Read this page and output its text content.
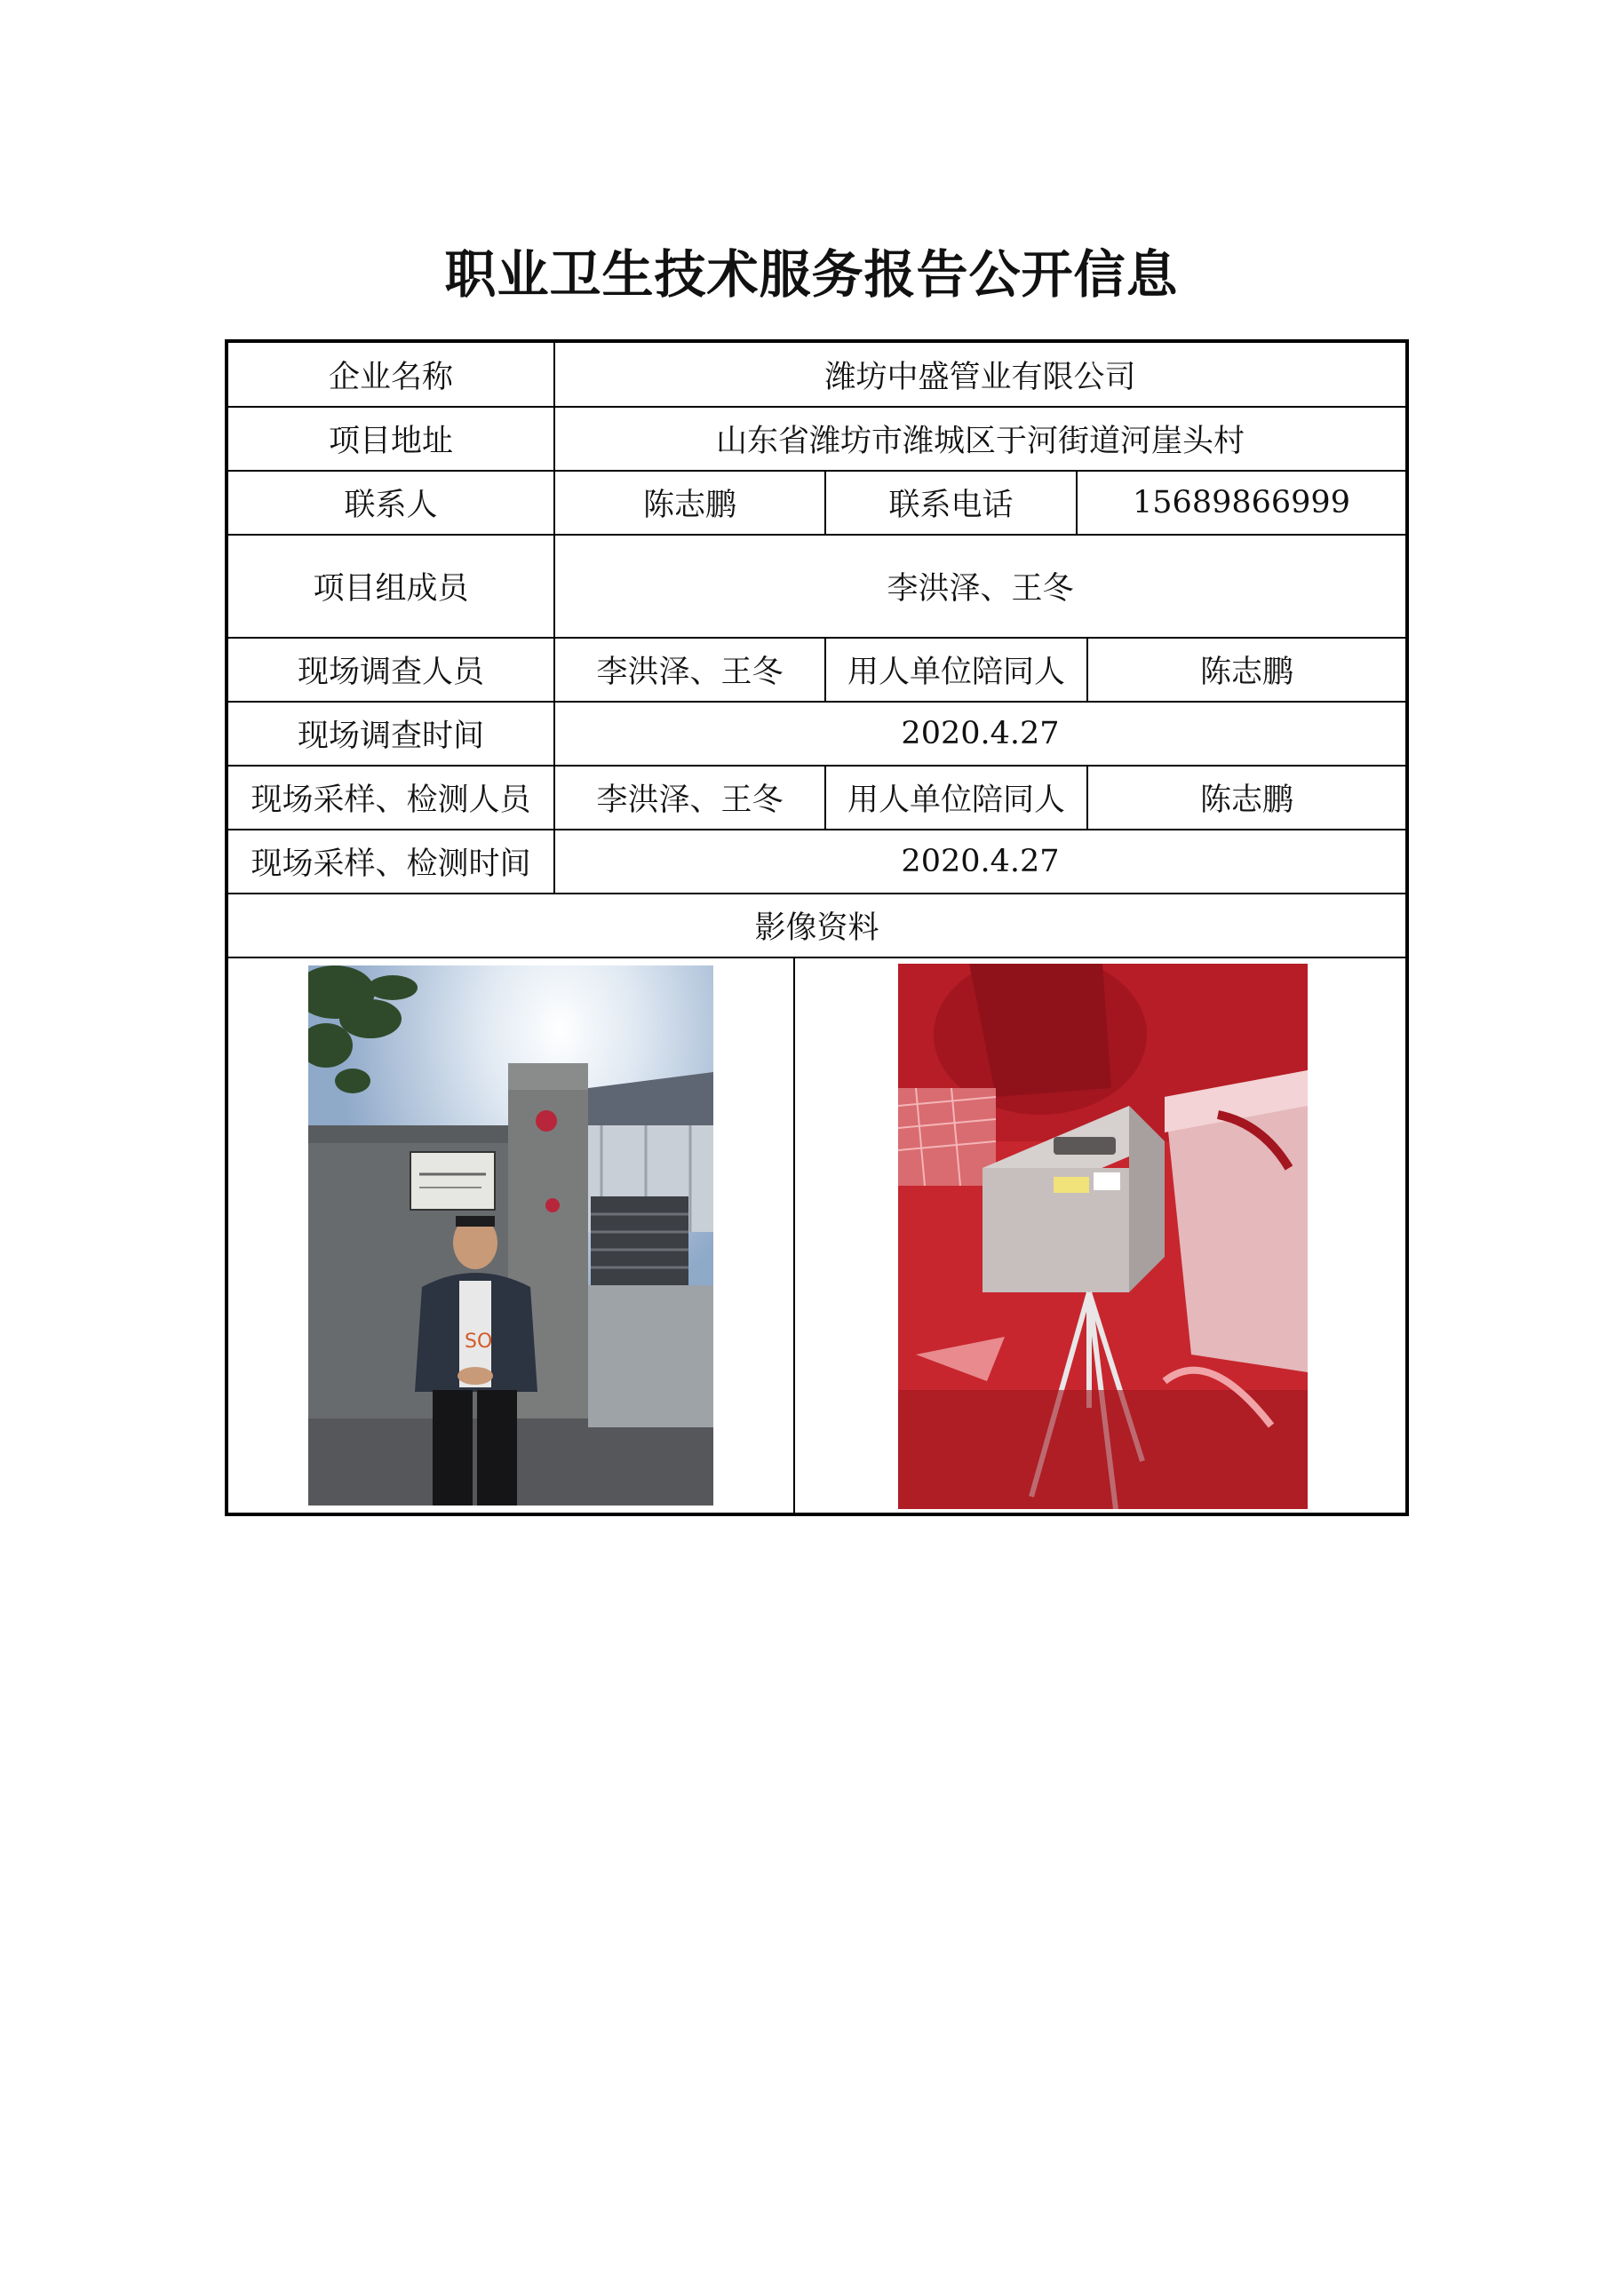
职业卫生技术服务报告公开信息
企业名称	潍坊中盛管业有限公司
项目地址	山东省潍坊市潍城区于河街道河崖头村
联系人	陈志鹏	联系电话	15689866999
项目组成员	李洪泽、王冬
现场调查人员	李洪泽、王冬	用人单位陪同人	陈志鹏
现场调查时间	2020.4.27
现场采样、检测人员	李洪泽、王冬	用人单位陪同人	陈志鹏
现场采样、检测时间	2020.4.27
影像资料
SO
